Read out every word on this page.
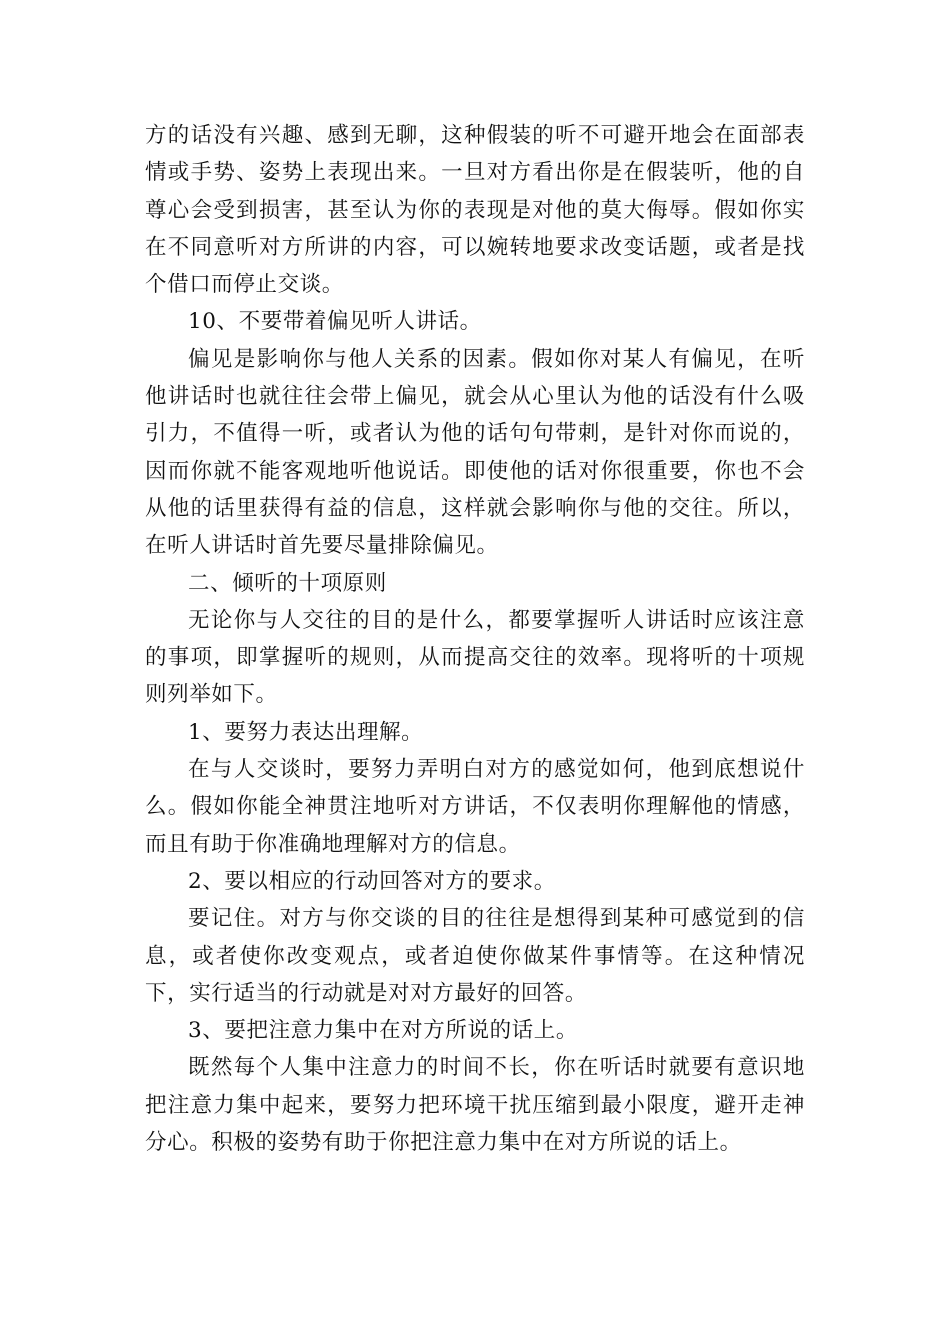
方的话没有兴趣、感到无聊，这种假装的听不可避开地会在面部表情或手势、姿势上表现出来。一旦对方看出你是在假装听，他的自尊心会受到损害，甚至认为你的表现是对他的莫大侮辱。假如你实在不同意听对方所讲的内容，可以婉转地要求改变话题，或者是找个借口而停止交谈。

10、不要带着偏见听人讲话。

偏见是影响你与他人关系的因素。假如你对某人有偏见，在听他讲话时也就往往会带上偏见，就会从心里认为他的话没有什么吸引力，不值得一听，或者认为他的话句句带刺，是针对你而说的，因而你就不能客观地听他说话。即使他的话对你很重要，你也不会从他的话里获得有益的信息，这样就会影响你与他的交往。所以，在听人讲话时首先要尽量排除偏见。

二、倾听的十项原则

无论你与人交往的目的是什么，都要掌握听人讲话时应该注意的事项，即掌握听的规则，从而提高交往的效率。现将听的十项规则列举如下。

1、要努力表达出理解。

在与人交谈时，要努力弄明白对方的感觉如何，他到底想说什么。假如你能全神贯注地听对方讲话，不仅表明你理解他的情感，而且有助于你准确地理解对方的信息。

2、要以相应的行动回答对方的要求。

要记住。对方与你交谈的目的往往是想得到某种可感觉到的信息，或者使你改变观点，或者迫使你做某件事情等。在这种情况下，实行适当的行动就是对对方最好的回答。

3、要把注意力集中在对方所说的话上。

既然每个人集中注意力的时间不长，你在听话时就要有意识地把注意力集中起来，要努力把环境干扰压缩到最小限度，避开走神分心。积极的姿势有助于你把注意力集中在对方所说的话上。
